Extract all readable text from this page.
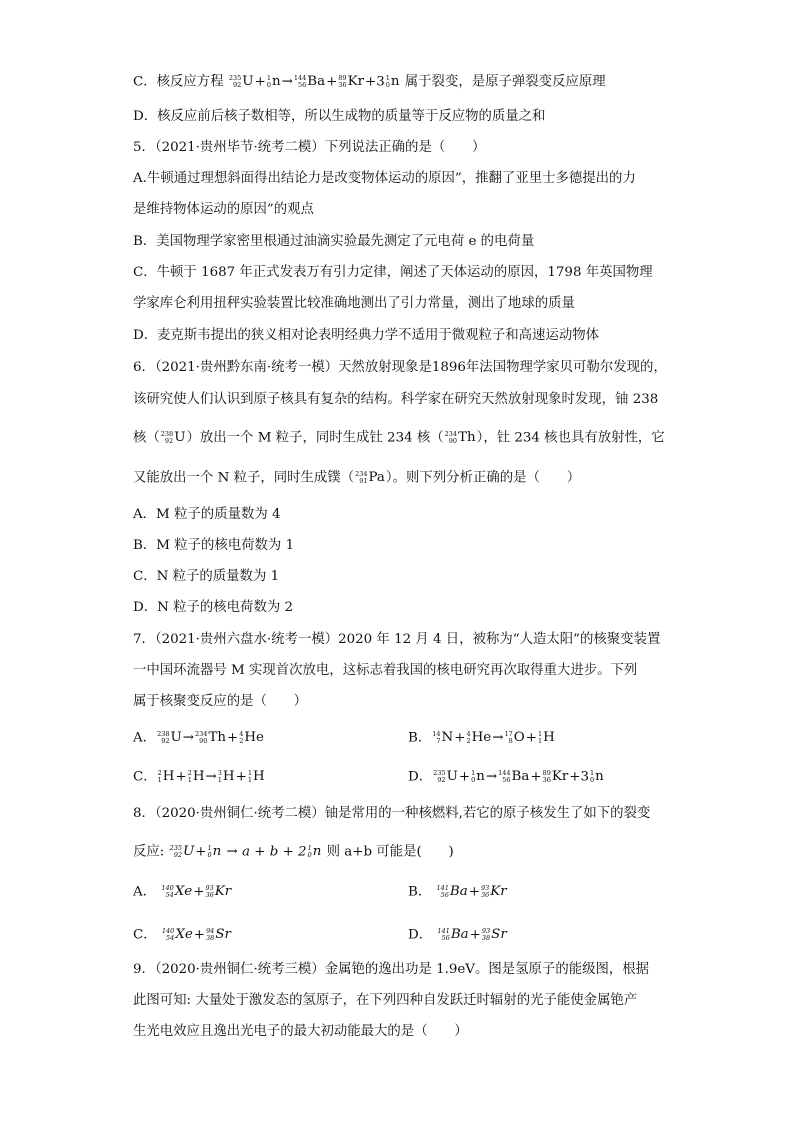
C．核反应方程 235
92 U + 1
0 n → 144
56 Ba + 89
36 Kr +3 1
0 n 属于裂变，是原子弹裂变反应原理
D．核反应前后核子数相等，所以生成物的质量等于反应物的质量之和
5．（2021·贵州毕节·统考二模）下列说法正确的是（　　）
A.牛顿通过理想斜面得出结论力是改变物体运动的原因”，推翻了亚里士多德提出的力
是维持物体运动的原因”的观点
B．美国物理学家密里根通过油滴实验最先测定了元电荷 e 的电荷量
C．牛顿于 1687 年正式发表万有引力定律，阐述了天体运动的原因，1798 年英国物理
学家库仑利用扭秤实验装置比较准确地测出了引力常量，测出了地球的质量
D．麦克斯韦提出的狭义相对论表明经典力学不适用于微观粒子和高速运动物体
6．（2021·贵州黔东南·统考一模）天然放射现象是1896年法国物理学家贝可勒尔发现的，
该研究使人们认识到原子核具有复杂的结构。科学家在研究天然放射现象时发现，铀 238
核（ 238
92 U ）放出一个 M 粒子，同时生成钍 234 核（ 234
90 Th ），钍 234 核也具有放射性，它
又能放出一个 N 粒子，同时生成镤（ 234
91 Pa ）。则下列分析正确的是（　　）
A．M 粒子的质量数为 4
B．M 粒子的核电荷数为 1
C．N 粒子的质量数为 1
D．N 粒子的核电荷数为 2
7．（2021·贵州六盘水·统考一模）2020 年 12 月 4 日，被称为“人造太阳”的核聚变装置
一中国环流器号 M 实现首次放电，这标志着我国的核电研究再次取得重大进步。下列
属于核聚变反应的是（　　）
A． 238
92 U → 234
90 Th + 4
2 He	B． 14
7 N + 4
2 He → 17
8 O + 1
1 H
C． 2
1 H + 2
1 H → 3
1 H + 1
1 H	D． 235
92 U + 1
0 n → 144
56 Ba + 89
36 Kr +3 1
0 n
8．（2020·贵州铜仁·统考二模）铀是常用的一种核燃料,若它的原子核发生了如下的裂变
反应: 235
92 U + 1
0 n → a + b + 2 1
0 n 则 a+b 可能是(　　)
A． 140
54 Xe + 93
36 Kr	B． 141
56 Ba + 93
36 Kr
C． 140
54 Xe + 94
38 Sr	D． 141
56 Ba + 93
38 Sr
9．（2020·贵州铜仁·统考三模）金属铯的逸出功是 1.9eV。图是氢原子的能级图，根据
此图可知: 大量处于激发态的氢原子，在下列四种自发跃迁时辐射的光子能使金属铯产
生光电效应且逸出光电子的最大初动能最大的是（　　）
